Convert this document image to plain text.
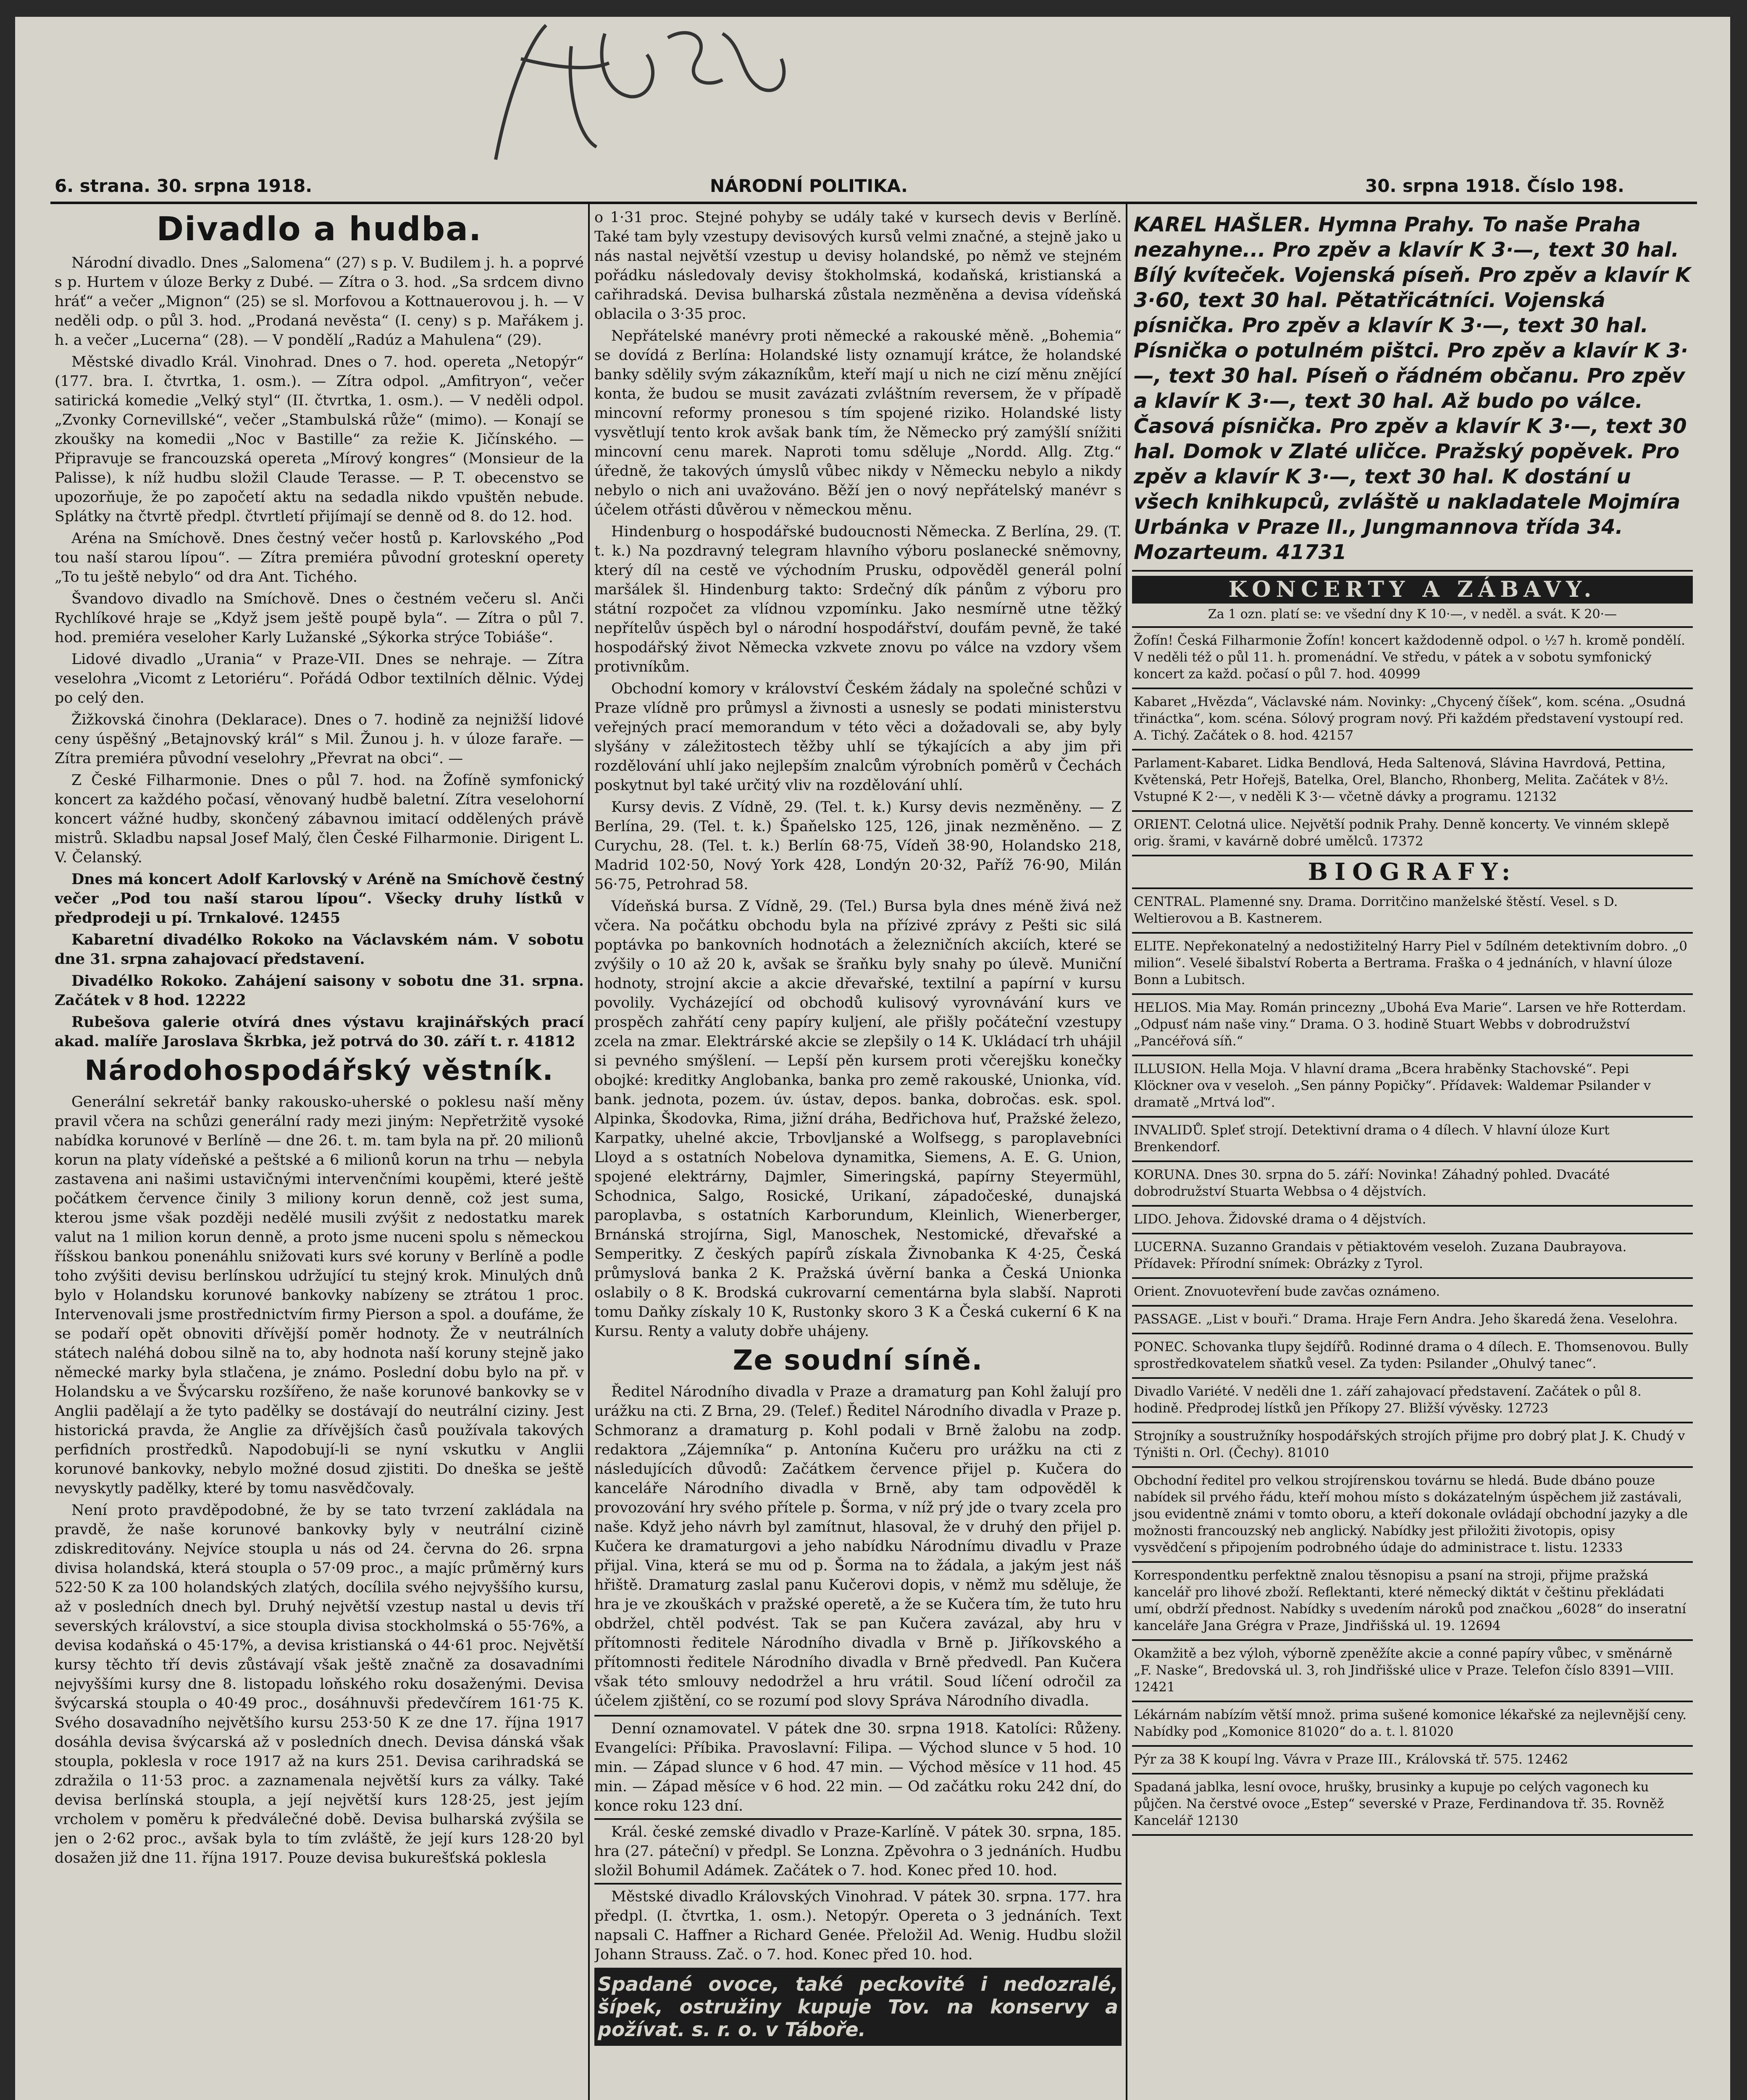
6. strana. 30. srpna 1918.	NÁRODNÍ POLITIKA.	30. srpna 1918. Číslo 198.
Divadlo a hudba.

Národní divadlo. Dnes „Salomena“ (27) s p. V. Budilem j. h. a poprvé s p. Hurtem v úloze Berky z Dubé. — Zítra o 3. hod. „Sa srdcem divno hráť“ a večer „Mignon“ (25) se sl. Morfovou a Kottnauerovou j. h. — V neděli odp. o půl 3. hod. „Prodaná nevěsta“ (I. ceny) s p. Mařákem j. h. a večer „Lucerna“ (28). — V pondělí „Radúz a Mahulena“ (29).

Městské divadlo Král. Vinohrad. Dnes o 7. hod. opereta „Netopýr“ (177. bra. I. čtvrtka, 1. osm.). — Zítra odpol. „Amfitryon“, večer satirická komedie „Velký styl“ (II. čtvrtka, 1. osm.). — V neděli odpol. „Zvonky Cornevillské“, večer „Stambulská růže“ (mimo). — Konají se zkoušky na komedii „Noc v Bastille“ za režie K. Jičínského. — Připravuje se francouzská opereta „Mírový kongres“ (Monsieur de la Palisse), k níž hudbu složil Claude Terasse. — P. T. obecenstvo se upozorňuje, že po započetí aktu na sedadla nikdo vpuštěn nebude. Splátky na čtvrtě předpl. čtvrtletí přijímají se denně od 8. do 12. hod.

Aréna na Smíchově. Dnes čestný večer hostů p. Karlovského „Pod tou naší starou lípou“. — Zítra premiéra původní groteskní operety „To tu ještě nebylo“ od dra Ant. Tichého.

Švandovo divadlo na Smíchově. Dnes o čestném večeru sl. Anči Rychlíkové hraje se „Když jsem ještě poupě byla“. — Zítra o půl 7. hod. premiéra veseloher Karly Lužanské „Sýkorka strýce Tobiáše“.

Lidové divadlo „Urania“ v Praze-VII. Dnes se nehraje. — Zítra veselohra „Vicomt z Letoriéru“. Pořádá Odbor textilních dělnic. Výdej po celý den.

Žižkovská činohra (Deklarace). Dnes o 7. hodině za nejnižší lidové ceny úspěšný „Betajnovský král“ s Mil. Žunou j. h. v úloze faraře. — Zítra premiéra původní veselohry „Převrat na obci“. —

Z České Filharmonie. Dnes o půl 7. hod. na Žofíně symfonický koncert za každého počasí, věnovaný hudbě baletní. Zítra veselohorní koncert vážné hudby, skončený zábavnou imitací oddělených právě mistrů. Skladbu napsal Josef Malý, člen České Filharmonie. Dirigent L. V. Čelanský.

Dnes má koncert Adolf Karlovský v Aréně na Smíchově čestný večer „Pod tou naší starou lípou“. Všecky druhy lístků v předprodeji u pí. Trnkalové. 12455

Kabaretní divadélko Rokoko na Václavském nám. V sobotu dne 31. srpna zahajovací představení.

Divadélko Rokoko. Zahájení saisony v sobotu dne 31. srpna. Začátek v 8 hod. 12222

Rubešova galerie otvírá dnes výstavu krajinářských prací akad. malíře Jaroslava Škrbka, jež potrvá do 30. září t. r. 41812

Národohospodářský věstník.

Generální sekretář banky rakousko-uherské o poklesu naší měny pravil včera na schůzi generální rady mezi jiným: Nepřetržitě vysoké nabídka korunové v Berlíně — dne 26. t. m. tam byla na př. 20 milionů korun na platy vídeňské a peštské a 6 milionů korun na trhu — nebyla zastavena ani našimi ustavičnými intervenčními koupěmi, které ještě počátkem července činily 3 miliony korun denně, což jest suma, kterou jsme však později nedělé musili zvýšit z nedostatku marek valut na 1 milion korun denně, a proto jsme nuceni spolu s německou říšskou bankou ponenáhlu snižovati kurs své koruny v Berlíně a podle toho zvýšiti devisu berlínskou udržující tu stejný krok. Minulých dnů bylo v Holandsku korunové bankovky nabízeny se ztrátou 1 proc. Intervenovali jsme prostřednictvím firmy Pierson a spol. a doufáme, že se podaří opět obnoviti dřívější poměr hodnoty. Že v neutrálních státech naléhá dobou silně na to, aby hodnota naší koruny stejně jako německé marky byla stlačena, je známo. Poslední dobu bylo na př. v Holandsku a ve Švýcarsku rozšířeno, že naše korunové bankovky se v Anglii padělají a že tyto padělky se dostávají do neutrální ciziny. Jest historická pravda, že Anglie za dřívějších časů používala takových perfidních prostředků. Napodobují-li se nyní vskutku v Anglii korunové bankovky, nebylo možné dosud zjistiti. Do dneška se ještě nevyskytly padělky, které by tomu nasvědčovaly.

Není proto pravděpodobné, že by se tato tvrzení zakládala na pravdě, že naše korunové bankovky byly v neutrální cizině zdiskreditovány. Nejvíce stoupla u nás od 24. června do 26. srpna divisa holandská, která stoupla o 57·09 proc., a majíc průměrný kurs 522·50 K za 100 holandských zlatých, docílila svého nejvyššího kursu, až v posledních dnech byl. Druhý největší vzestup nastal u devis tří severských království, a sice stoupla divisa stockholmská o 55·76%, a devisa kodaňská o 45·17%, a devisa kristianská o 44·61 proc. Největší kursy těchto tří devis zůstávají však ještě značně za dosavadními nejvyššími kursy dne 8. listopadu loňského roku dosaženými. Devisa švýcarská stoupla o 40·49 proc., dosáhnuvši předevčírem 161·75 K. Svého dosavadního největšího kursu 253·50 K ze dne 17. října 1917 dosáhla devisa švýcarská až v posledních dnech. Devisa dánská však stoupla, poklesla v roce 1917 až na kurs 251. Devisa carihradská se zdražila o 11·53 proc. a zaznamenala největší kurs za války. Také devisa berlínská stoupla, a její největší kurs 128·25, jest jejím vrcholem v poměru k předválečné době. Devisa bulharská zvýšila se jen o 2·62 proc., avšak byla to tím zvláště, že její kurs 128·20 byl dosažen již dne 11. října 1917. Pouze devisa bukurešťská poklesla

o 1·31 proc. Stejné pohyby se udály také v kursech devis v Berlíně. Také tam byly vzestupy devisových kursů velmi značné, a stejně jako u nás nastal největší vzestup u devisy holandské, po němž ve stejném pořádku následovaly devisy štokholmská, kodaňská, kristianská a cařihradská. Devisa bulharská zůstala nezměněna a devisa vídeňská oblacila o 3·35 proc.

Nepřátelské manévry proti německé a rakouské měně. „Bohemia“ se dovídá z Berlína: Holandské listy oznamují krátce, že holandské banky sdělily svým zákazníkům, kteří mají u nich ne cizí měnu znějící konta, že budou se musit zavázati zvláštním reversem, že v případě mincovní reformy pronesou s tím spojené riziko. Holandské listy vysvětlují tento krok avšak bank tím, že Německo prý zamýšlí snížiti mincovní cenu marek. Naproti tomu sděluje „Nordd. Allg. Ztg.“ úředně, že takových úmyslů vůbec nikdy v Německu nebylo a nikdy nebylo o nich ani uvažováno. Běží jen o nový nepřátelský manévr s účelem otřásti důvěrou v německou měnu.

Hindenburg o hospodářské budoucnosti Německa. Z Berlína, 29. (T. t. k.) Na pozdravný telegram hlavního výboru poslanecké sněmovny, který díl na cestě ve východním Prusku, odpověděl generál polní maršálek šl. Hindenburg takto: Srdečný dík pánům z výboru pro státní rozpočet za vlídnou vzpomínku. Jako nesmírně utne těžký nepřítelův úspěch byl o národní hospodářství, doufám pevně, že také hospodářský život Německa vzkvete znovu po válce na vzdory všem protivníkům.

Obchodní komory v království Českém žádaly na společné schůzi v Praze vlídně pro průmysl a živnosti a usnesly se podati ministerstvu veřejných prací memorandum v této věci a dožadovali se, aby byly slyšány v záležitostech těžby uhlí se týkajících a aby jim při rozdělování uhlí jako nejlepším znalcům výrobních poměrů v Čechách poskytnut byl také určitý vliv na rozdělování uhlí.

Kursy devis. Z Vídně, 29. (Tel. t. k.) Kursy devis nezměněny. — Z Berlína, 29. (Tel. t. k.) Špaňelsko 125, 126, jinak nezměněno. — Z Curychu, 28. (Tel. t. k.) Berlín 68·75, Vídeň 38·90, Holandsko 218, Madrid 102·50, Nový York 428, Londýn 20·32, Paříž 76·90, Milán 56·75, Petrohrad 58.

Vídeňská bursa. Z Vídně, 29. (Tel.) Bursa byla dnes méně živá než včera. Na počátku obchodu byla na přízivé zprávy z Pešti sic silá poptávka po bankovních hodnotách a železničních akciích, které se zvýšily o 10 až 20 k, avšak se šraňku byly snahy po úlevě. Muniční hodnoty, strojní akcie a akcie dřevařské, textilní a papírní v kursu povolily. Vycházející od obchodů kulisový vyrovnávání kurs ve prospěch zahřátí ceny papíry kuljení, ale přišly počáteční vzestupy zcela na zmar. Elektrárské akcie se zlepšily o 14 K. Ukládací trh uhájil si pevného smýšlení. — Lepší pěn kursem proti včerejšku konečky obojké: kreditky Anglobanka, banka pro země rakouské, Unionka, víd. bank. jednota, pozem. úv. ústav, depos. banka, dobročas. esk. spol. Alpinka, Škodovka, Rima, jižní dráha, Bedřichova huť, Pražské železo, Karpatky, uhelné akcie, Trbovljanské a Wolfsegg, s paroplavebníci Lloyd a s ostatních Nobelova dynamitka, Siemens, A. E. G. Union, spojené elektrárny, Dajmler, Simeringská, papírny Steyermühl, Schodnica, Salgo, Rosické, Urikaní, západočeské, dunajská paroplavba, s ostatních Karborundum, Kleinlich, Wienerberger, Brnánská strojírna, Sigl, Manoschek, Nestomické, dřevařské a Semperitky. Z českých papírů získala Živnobanka K 4·25, Česká průmyslová banka 2 K. Pražská úvěrní banka a Česká Unionka oslabily o 8 K. Brodská cukrovarní cementárna byla slabší. Naproti tomu Daňky získaly 10 K, Rustonky skoro 3 K a Česká cukerní 6 K na Kursu. Renty a valuty dobře uhájeny.

Ze soudní síně.

Ředitel Národního divadla v Praze a dramaturg pan Kohl žalují pro urážku na cti. Z Brna, 29. (Telef.) Ředitel Národního divadla v Praze p. Schmoranz a dramaturg p. Kohl podali v Brně žalobu na zodp. redaktora „Zájemníka“ p. Antonína Kučeru pro urážku na cti z následujících důvodů: Začátkem července přijel p. Kučera do kanceláře Národního divadla v Brně, aby tam odpověděl k provozování hry svého přítele p. Šorma, v níž prý jde o tvary zcela pro naše. Když jeho návrh byl zamítnut, hlasoval, že v druhý den přijel p. Kučera ke dramaturgovi a jeho nabídku Národnímu divadlu v Praze přijal. Vina, která se mu od p. Šorma na to žádala, a jakým jest náš hřiště. Dramaturg zaslal panu Kučerovi dopis, v němž mu sděluje, že hra je ve zkouškách v pražské operetě, a že se Kučera tím, že tuto hru obdržel, chtěl podvést. Tak se pan Kučera zavázal, aby hru v přítomnosti ředitele Národního divadla v Brně p. Jiříkovského a přítomnosti ředitele Národního divadla v Brně předvedl. Pan Kučera však této smlouvy nedodržel a hru vrátil. Soud líčení odročil za účelem zjištění, co se rozumí pod slovy Správa Národního divadla.

Denní oznamovatel. V pátek dne 30. srpna 1918. Katolíci: Růženy. Evangelíci: Příbika. Pravoslavní: Filipa. — Východ slunce v 5 hod. 10 min. — Západ slunce v 6 hod. 47 min. — Východ měsíce v 11 hod. 45 min. — Západ měsíce v 6 hod. 22 min. — Od začátku roku 242 dní, do konce roku 123 dní.

Král. české zemské divadlo v Praze-Karlíně. V pátek 30. srpna, 185. hra (27. páteční) v předpl. Se Lonzna. Zpěvohra o 3 jednáních. Hudbu složil Bohumil Adámek. Začátek o 7. hod. Konec před 10. hod.

Městské divadlo Královských Vinohrad. V pátek 30. srpna. 177. hra předpl. (I. čtvrtka, 1. osm.). Netopýr. Opereta o 3 jednáních. Text napsali C. Haffner a Richard Genée. Přeložil Ad. Wenig. Hudbu složil Johann Strauss. Zač. o 7. hod. Konec před 10. hod.

Spadané ovoce, také peckovité i nedozralé, šípek, ostružiny kupuje Tov. na konservy a požívat. s. r. o. v Táboře.
KAREL HAŠLER. Hymna Prahy. To naše Praha nezahyne... Pro zpěv a klavír K 3·—, text 30 hal. Bílý kvíteček. Vojenská píseň. Pro zpěv a klavír K 3·60, text 30 hal. Pětatřicátníci. Vojenská písnička. Pro zpěv a klavír K 3·—, text 30 hal. Písnička o potulném pištci. Pro zpěv a klavír K 3·—, text 30 hal. Píseň o řádném občanu. Pro zpěv a klavír K 3·—, text 30 hal. Až budo po válce. Časová písnička. Pro zpěv a klavír K 3·—, text 30 hal. Domok v Zlaté uličce. Pražský popěvek. Pro zpěv a klavír K 3·—, text 30 hal. K dostání u všech knihkupců, zvláště u nakladatele Mojmíra Urbánka v Praze II., Jungmannova třída 34. Mozarteum. 41731
KONCERTY A ZÁBAVY.
Za 1 ozn. platí se: ve všední dny K 10·—, v neděl. a svát. K 20·—
Žofín! Česká Filharmonie Žofín! koncert každodenně odpol. o ½7 h. kromě pondělí. V neděli též o půl 11. h. promenádní. Ve středu, v pátek a v sobotu symfonický koncert za každ. počasí o půl 7. hod. 40999
Kabaret „Hvězda“, Václavské nám. Novinky: „Chycený číšek“, kom. scéna. „Osudná třináctka“, kom. scéna. Sólový program nový. Při každém představení vystoupí red. A. Tichý. Začátek o 8. hod. 42157
Parlament-Kabaret. Lidka Bendlová, Heda Saltenová, Slávina Havrdová, Pettina, Květenská, Petr Hořejš, Batelka, Orel, Blancho, Rhonberg, Melita. Začátek v 8½. Vstupné K 2·—, v neděli K 3·— včetně dávky a programu. 12132
ORIENT. Celotná ulice. Největší podnik Prahy. Denně koncerty. Ve vinném sklepě orig. šrami, v kavárně dobré umělců. 17372
BIOGRAFY:
CENTRAL. Plamenné sny. Drama. Dorritčino manželské štěstí. Vesel. s D. Weltierovou a B. Kastnerem.
ELITE. Nepřekonatelný a nedostižitelný Harry Piel v 5dílném detektivním dobro. „0 milion“. Veselé šibalství Roberta a Bertrama. Fraška o 4 jednáních, v hlavní úloze Bonn a Lubitsch.
HELIOS. Mia May. Román princezny „Ubohá Eva Marie“. Larsen ve hře Rotterdam. „Odpusť nám naše viny.“ Drama. O 3. hodině Stuart Webbs v dobrodružství „Pancéřová síň.“
ILLUSION. Hella Moja. V hlavní drama „Bcera hraběnky Stachovské“. Pepi Klöckner ova v veseloh. „Sen pánny Popičky“. Přídavek: Waldemar Psilander v dramatě „Mrtvá loď“.
INVALIDŮ. Spleť strojí. Detektivní drama o 4 dílech. V hlavní úloze Kurt Brenkendorf.
KORUNA. Dnes 30. srpna do 5. září: Novinka! Záhadný pohled. Dvacáté dobrodružství Stuarta Webbsa o 4 dějstvích.
LIDO. Jehova. Židovské drama o 4 dějstvích.
LUCERNA. Suzanno Grandais v pětiaktovém veseloh. Zuzana Daubrayova. Přídavek: Přírodní snímek: Obrázky z Tyrol.
Orient. Znovuotevření bude zavčas oznámeno.
PASSAGE. „List v bouři.“ Drama. Hraje Fern Andra. Jeho škaredá žena. Veselohra.
PONEC. Schovanka tlupy šejdířů. Rodinné drama o 4 dílech. E. Thomsenovou. Bully sprostředkovatelem sňatků vesel. Za tyden: Psilander „Ohulvý tanec“.
Divadlo Variété. V neděli dne 1. září zahajovací představení. Začátek o půl 8. hodině. Předprodej lístků jen Příkopy 27. Bližší vývěsky. 12723
Strojníky a soustružníky hospodářských strojích přijme pro dobrý plat J. K. Chudý v Týništi n. Orl. (Čechy). 81010
Obchodní ředitel pro velkou strojírenskou továrnu se hledá. Bude dbáno pouze nabídek sil prvého řádu, kteří mohou místo s dokázatelným úspěchem již zastávali, jsou evidentně známi v tomto oboru, a kteří dokonale ovládají obchodní jazyky a dle možnosti francouzský neb anglický. Nabídky jest přiložiti životopis, opisy vysvědčení s připojením podrobného údaje do administrace t. listu. 12333
Korrespondentku perfektně znalou těsnopisu a psaní na stroji, přijme pražská kancelář pro lihové zboží. Reflektanti, které německý diktát v češtinu překládati umí, obdrží přednost. Nabídky s uvedením nároků pod značkou „6028“ do inseratní kanceláře Jana Grégra v Praze, Jindřišská ul. 19. 12694
Okamžitě a bez výloh, výborně zpeněžíte akcie a conné papíry vůbec, v směnárně „F. Naske“, Bredovská ul. 3, roh Jindřišské ulice v Praze. Telefon číslo 8391—VIII. 12421
Lékárnám nabízím větší množ. prima sušené komonice lékařské za nejlevnější ceny. Nabídky pod „Komonice 81020“ do a. t. l. 81020
Pýr za 38 K koupí lng. Vávra v Praze III., Královská tř. 575. 12462
Spadaná jablka, lesní ovoce, hrušky, brusinky a kupuje po celých vagonech ku půjčen. Na čerstvé ovoce „Estep“ severské v Praze, Ferdinandova tř. 35. Rovněž Kancelář 12130
